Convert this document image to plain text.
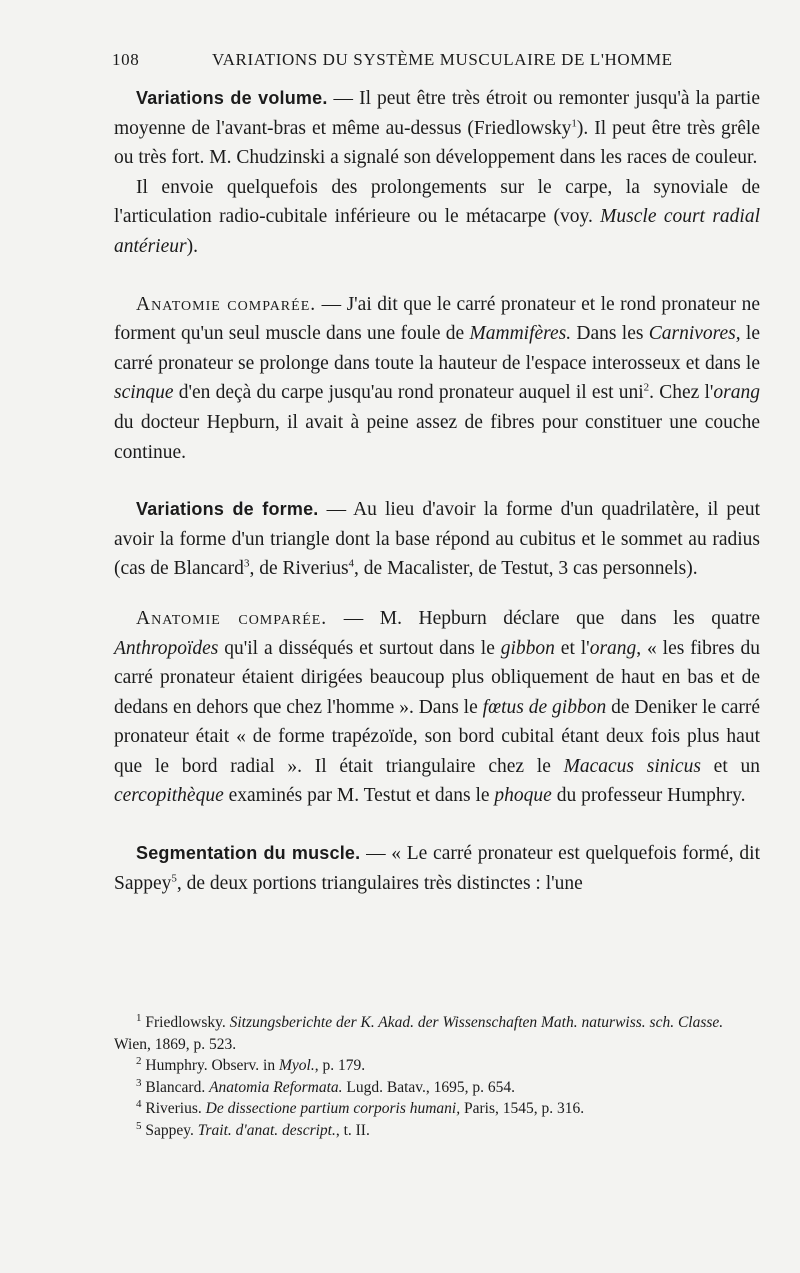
108	VARIATIONS DU SYSTÈME MUSCULAIRE DE L'HOMME

Variations de volume. — Il peut être très étroit ou remonter jusqu'à la partie moyenne de l'avant-bras et même au-dessus (Friedlowsky$^1$). Il peut être très grêle ou très fort. M. Chudzinski a signalé son développement dans les races de couleur.

Il envoie quelquefois des prolongements sur le carpe, la synoviale de l'articulation radio-cubitale inférieure ou le métacarpe (voy. Muscle court radial antérieur).

Anatomie comparée. — J'ai dit que le carré pronateur et le rond pronateur ne forment qu'un seul muscle dans une foule de Mammifères. Dans les Carnivores, le carré pronateur se prolonge dans toute la hauteur de l'espace interosseux et dans le scinque d'en deçà du carpe jusqu'au rond pronateur auquel il est uni$^2$. Chez l'orang du docteur Hepburn, il avait à peine assez de fibres pour constituer une couche continue.

Variations de forme. — Au lieu d'avoir la forme d'un quadrilatère, il peut avoir la forme d'un triangle dont la base répond au cubitus et le sommet au radius (cas de Blancard$^3$, de Riverius$^4$, de Macalister, de Testut, 3 cas personnels).

Anatomie comparée. — M. Hepburn déclare que dans les quatre Anthropoïdes qu'il a disséqués et surtout dans le gibbon et l'orang, « les fibres du carré pronateur étaient dirigées beaucoup plus obliquement de haut en bas et de dedans en dehors que chez l'homme ». Dans le fœtus de gibbon de Deniker le carré pronateur était « de forme trapézoïde, son bord cubital étant deux fois plus haut que le bord radial ». Il était triangulaire chez le Macacus sinicus et un cercopithèque examinés par M. Testut et dans le phoque du professeur Humphry.

Segmentation du muscle. — « Le carré pronateur est quelquefois formé, dit Sappey$^5$, de deux portions triangulaires très distinctes : l'une

$^1$ Friedlowsky. Sitzungsberichte der K. Akad. der Wissenschaften Math. naturwiss. sch. Classe. Wien, 1869, p. 523.

$^2$ Humphry. Observ. in Myol., p. 179.

$^3$ Blancard. Anatomia Reformata. Lugd. Batav., 1695, p. 654.

$^4$ Riverius. De dissectione partium corporis humani, Paris, 1545, p. 316.

$^5$ Sappey. Trait. d'anat. descript., t. II.
